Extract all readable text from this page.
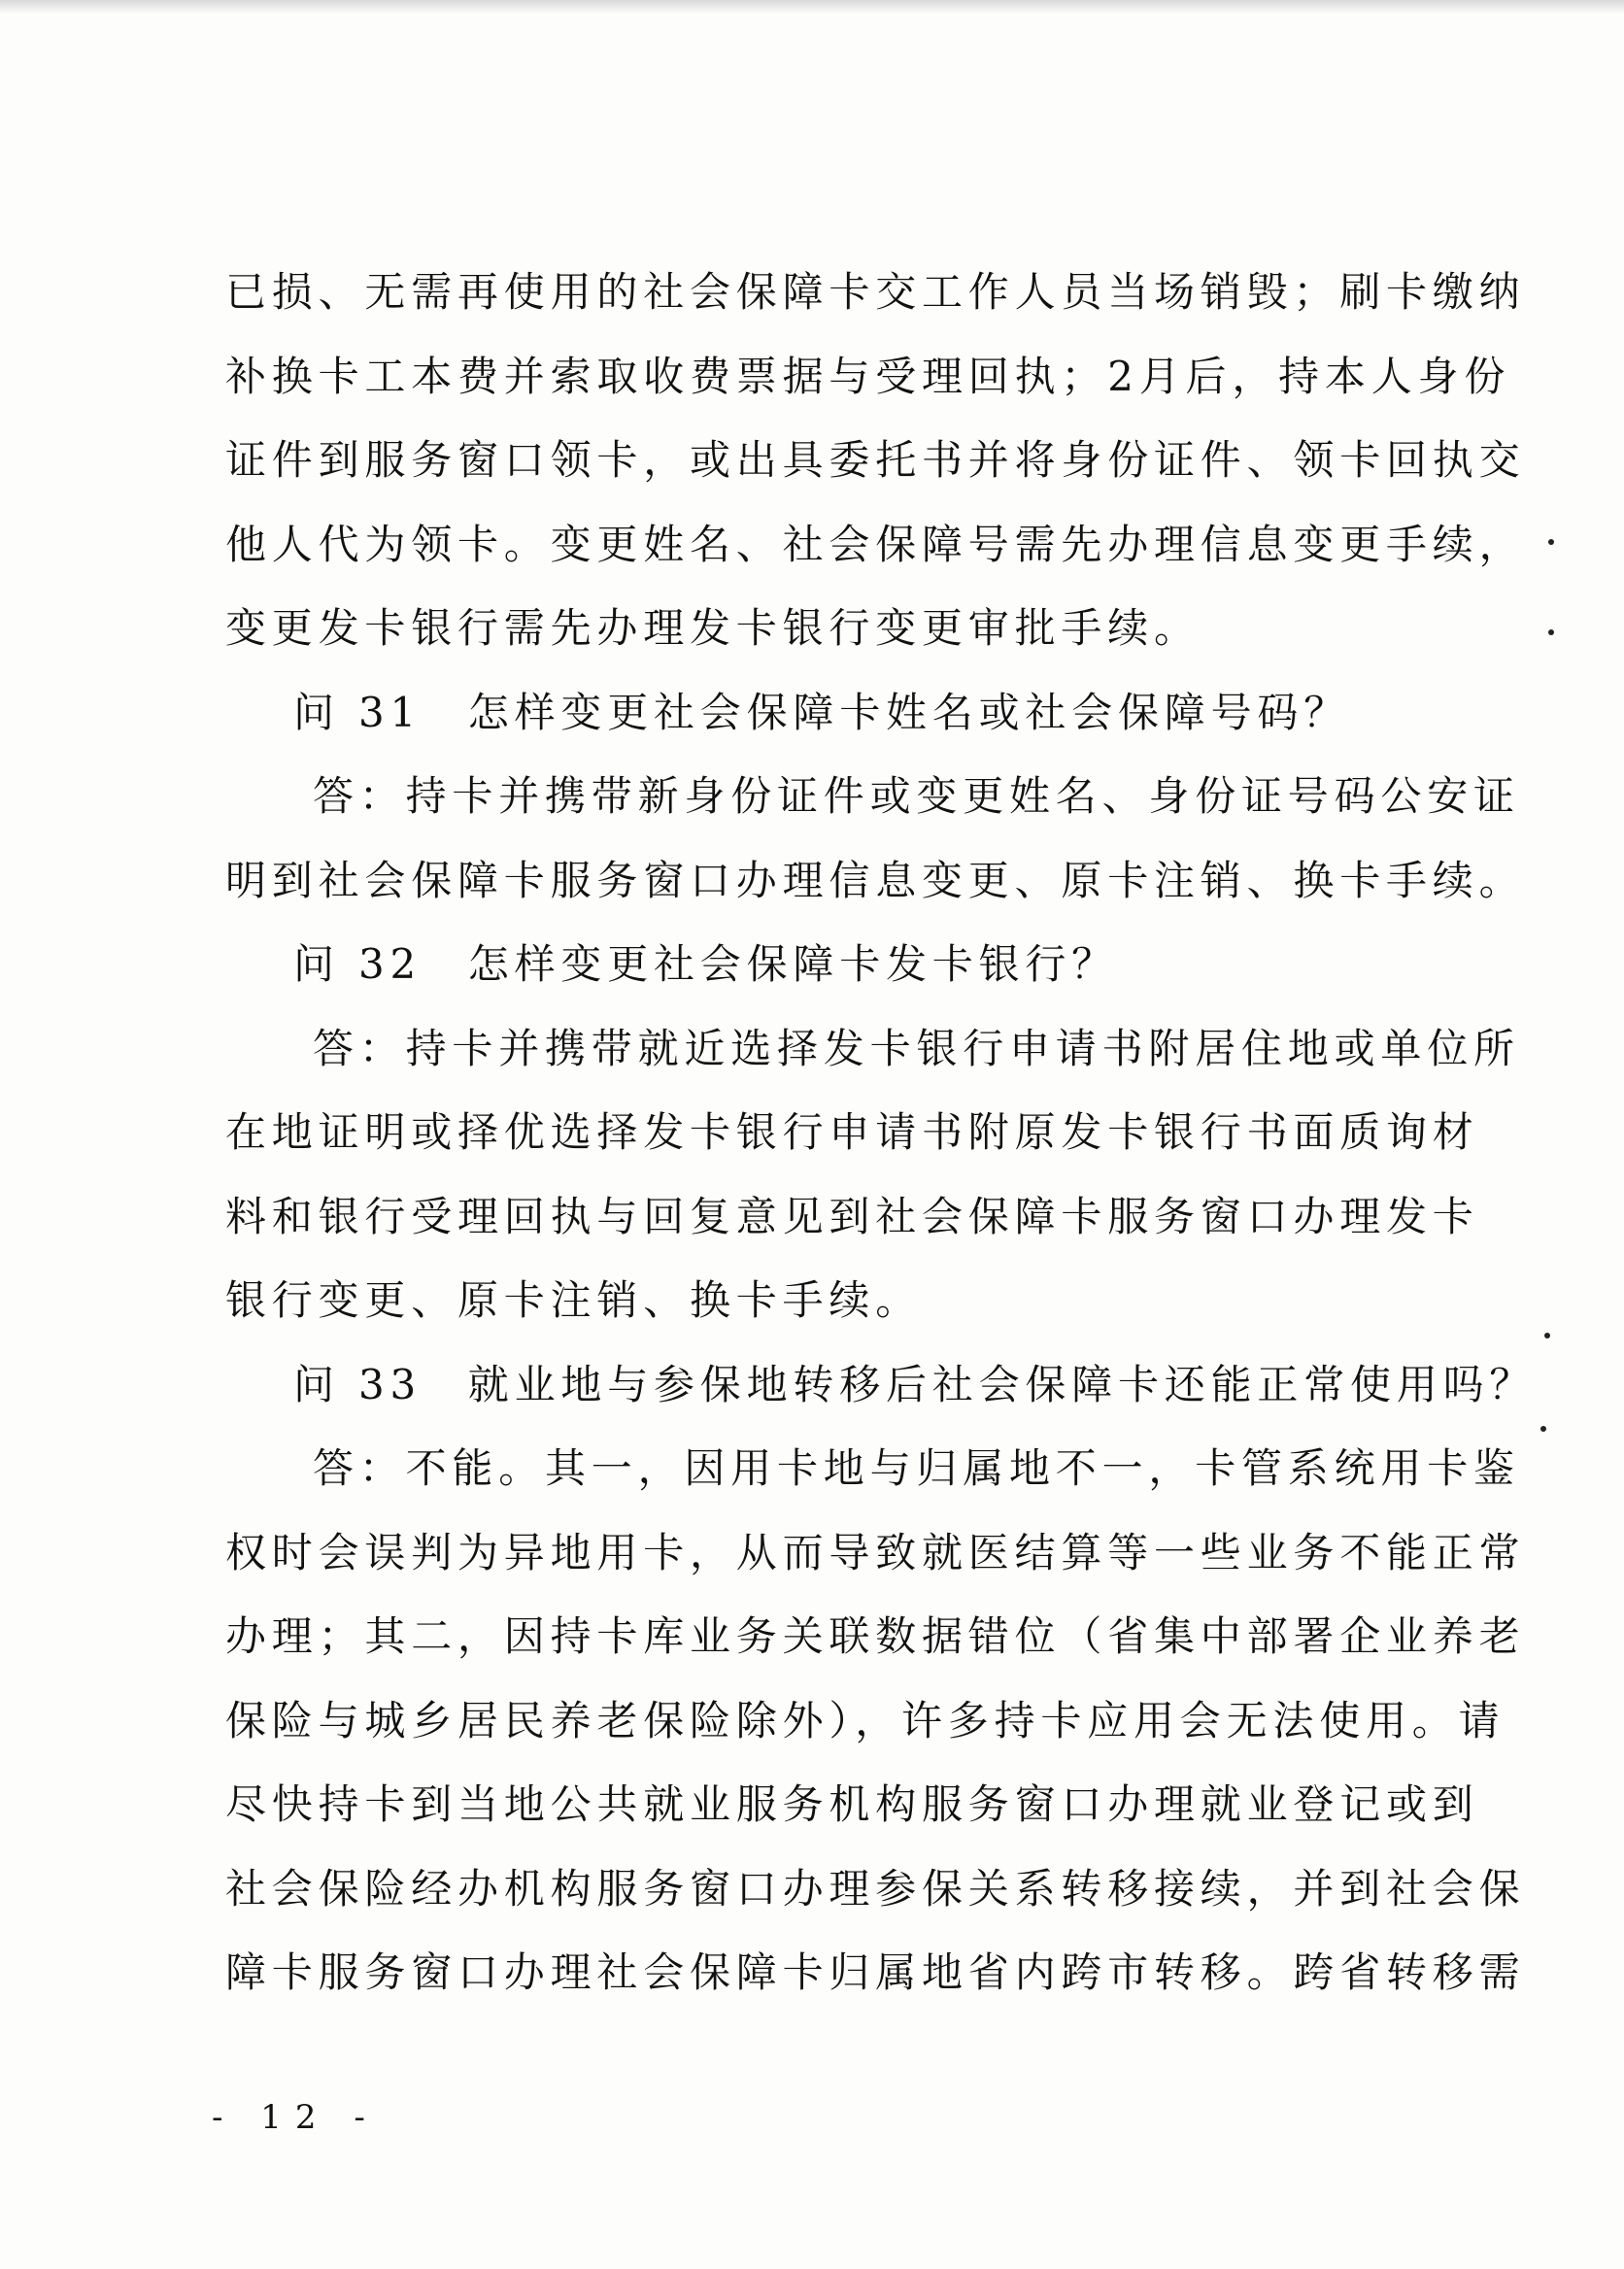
已损、无需再使用的社会保障卡交工作人员当场销毁；刷卡缴纳
补换卡工本费并索取收费票据与受理回执；2月后，持本人身份
证件到服务窗口领卡，或出具委托书并将身份证件、领卡回执交
他人代为领卡。变更姓名、社会保障号需先办理信息变更手续，
变更发卡银行需先办理发卡银行变更审批手续。
问 31　怎样变更社会保障卡姓名或社会保障号码？
答：持卡并携带新身份证件或变更姓名、身份证号码公安证
明到社会保障卡服务窗口办理信息变更、原卡注销、换卡手续。
问 32　怎样变更社会保障卡发卡银行？
答：持卡并携带就近选择发卡银行申请书附居住地或单位所
在地证明或择优选择发卡银行申请书附原发卡银行书面质询材
料和银行受理回执与回复意见到社会保障卡服务窗口办理发卡
银行变更、原卡注销、换卡手续。
问 33　就业地与参保地转移后社会保障卡还能正常使用吗？
答：不能。其一，因用卡地与归属地不一，卡管系统用卡鉴
权时会误判为异地用卡，从而导致就医结算等一些业务不能正常
办理；其二，因持卡库业务关联数据错位（省集中部署企业养老
保险与城乡居民养老保险除外），许多持卡应用会无法使用。请
尽快持卡到当地公共就业服务机构服务窗口办理就业登记或到
社会保险经办机构服务窗口办理参保关系转移接续，并到社会保
障卡服务窗口办理社会保障卡归属地省内跨市转移。跨省转移需
- 12 -
